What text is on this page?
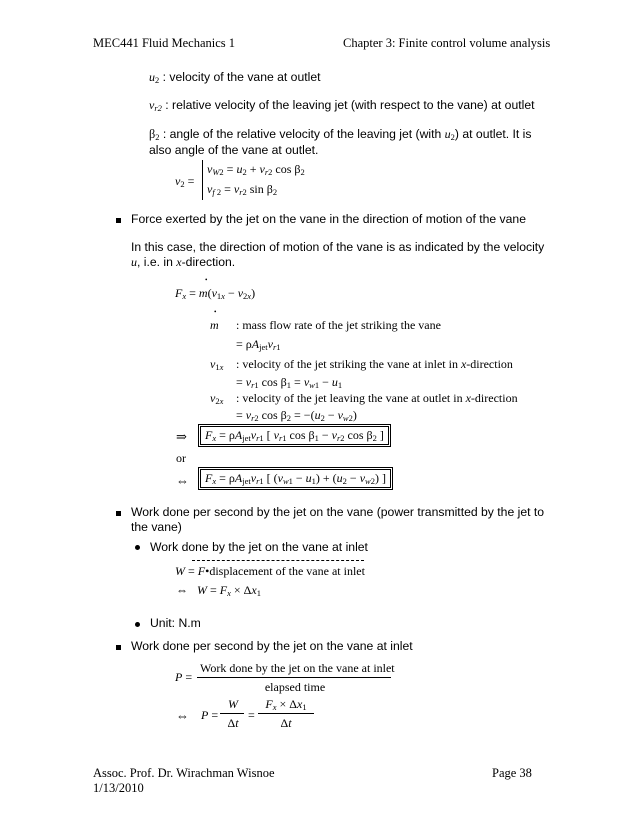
MEC441 Fluid Mechanics 1	Chapter 3: Finite control volume analysis
$u_2$ : velocity of the vane at outlet
$v_{r2}$ : relative velocity of the leaving jet (with respect to the vane) at outlet
$\beta_2$ : angle of the relative velocity of the leaving jet (with $u_2$) at outlet. It is
also angle of the vane at outlet.
$v_2$ =
$v_{W2} = u_2 + v_{r2}$ $\cos \beta_2$
$v_f$ $_2 = v_{r2}$ $\sin \beta_2$
Force exerted by the jet on the vane in the direction of motion of the vane
In this case, the direction of motion of the vane is as indicated by the velocity
u, i.e. in x-direction.
•
$F_x = m(v_{1x} - v_{2x})$
•
m : mass flow rate of the jet striking the vane
= $\rho A_{jet}v_{r1}$
$v_{1x}$ : velocity of the jet striking the vane at inlet in x-direction
= $v_{r1}$ $\cos \beta_1 = v_{w1} - u_1$
$v_{2x}$ : velocity of the jet leaving the vane at outlet in x-direction
= $v_{r2}$ $\cos \beta_2 = -(u_2 - v_{w2})$
⇒	$F_x = \rho A_{jet}v_{r1}$ [ $v_{r1}$ $\cos \beta_1 - v_{r2}$ $\cos \beta_2$ ]
or
⇔	$F_x = \rho A_{jet}v_{r1}$ [ $(v_{w1} - u_1) + (u_2 - v_{w2})$ ]
Work done per second by the jet on the vane (power transmitted by the jet to
the vane)
Work done by the jet on the vane at inlet
W = F•displacement of the vane at inlet
⇔   $W = F_x \times \Delta x_1$
Unit: N.m
Work done per second by the jet on the vane at inlet
P =
Work done by the jet on the vane at inlet
elapsed time
⇔ P =
W
Δt
=
$F_x \times \Delta x_1$
Δt
Assoc. Prof. Dr. Wirachman Wisnoe
1/13/2010
Page 38
